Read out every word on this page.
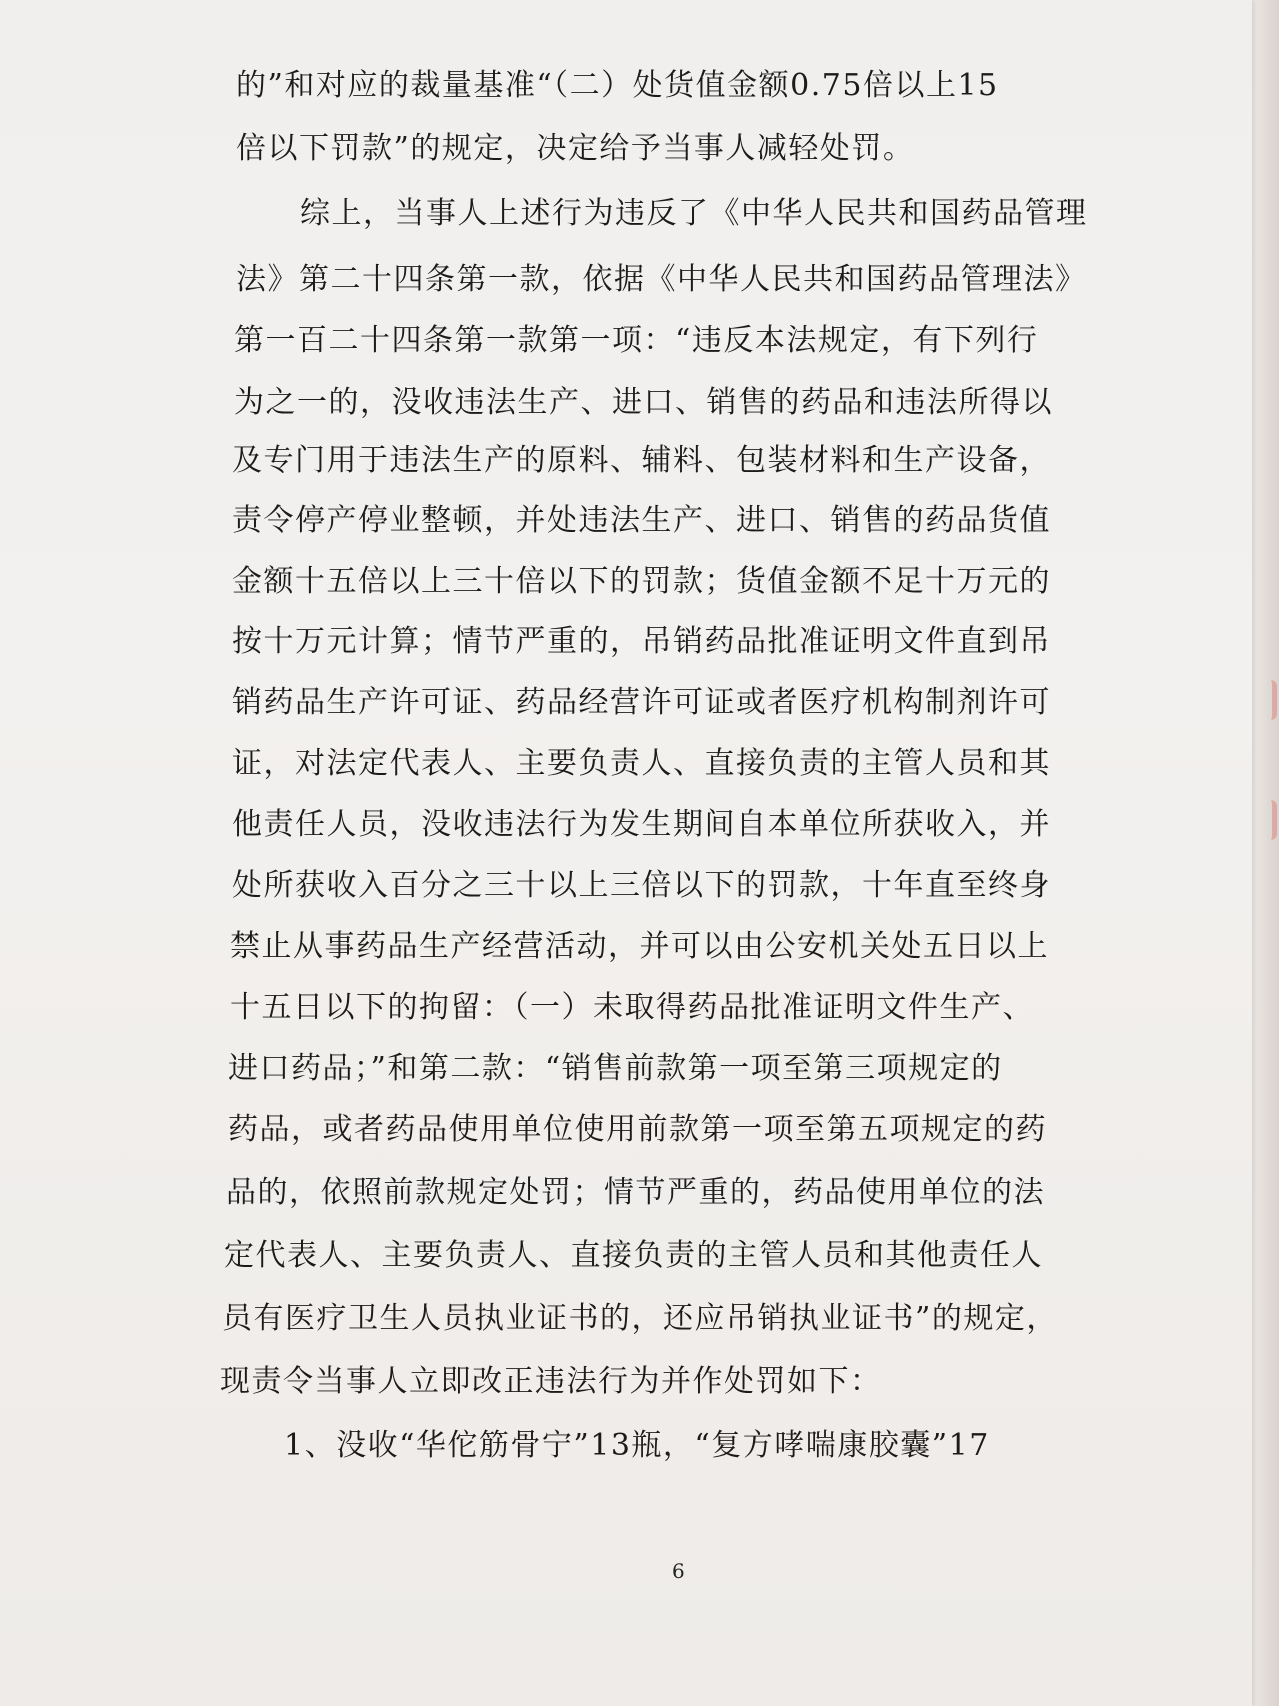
的”和对应的裁量基准“（二）处货值金额0.75倍以上15
倍以下罚款”的规定，决定给予当事人减轻处罚。
综上，当事人上述行为违反了《中华人民共和国药品管理
法》第二十四条第一款，依据《中华人民共和国药品管理法》
第一百二十四条第一款第一项：“违反本法规定，有下列行
为之一的，没收违法生产、进口、销售的药品和违法所得以
及专门用于违法生产的原料、辅料、包装材料和生产设备，
责令停产停业整顿，并处违法生产、进口、销售的药品货值
金额十五倍以上三十倍以下的罚款；货值金额不足十万元的
按十万元计算；情节严重的，吊销药品批准证明文件直到吊
销药品生产许可证、药品经营许可证或者医疗机构制剂许可
证，对法定代表人、主要负责人、直接负责的主管人员和其
他责任人员，没收违法行为发生期间自本单位所获收入，并
处所获收入百分之三十以上三倍以下的罚款，十年直至终身
禁止从事药品生产经营活动，并可以由公安机关处五日以上
十五日以下的拘留：（一）未取得药品批准证明文件生产、
进口药品；”和第二款：“销售前款第一项至第三项规定的
药品，或者药品使用单位使用前款第一项至第五项规定的药
品的，依照前款规定处罚；情节严重的，药品使用单位的法
定代表人、主要负责人、直接负责的主管人员和其他责任人
员有医疗卫生人员执业证书的，还应吊销执业证书”的规定，
现责令当事人立即改正违法行为并作处罚如下：
1、没收“华佗筋骨宁”13瓶，“复方哮喘康胶囊”17
6
